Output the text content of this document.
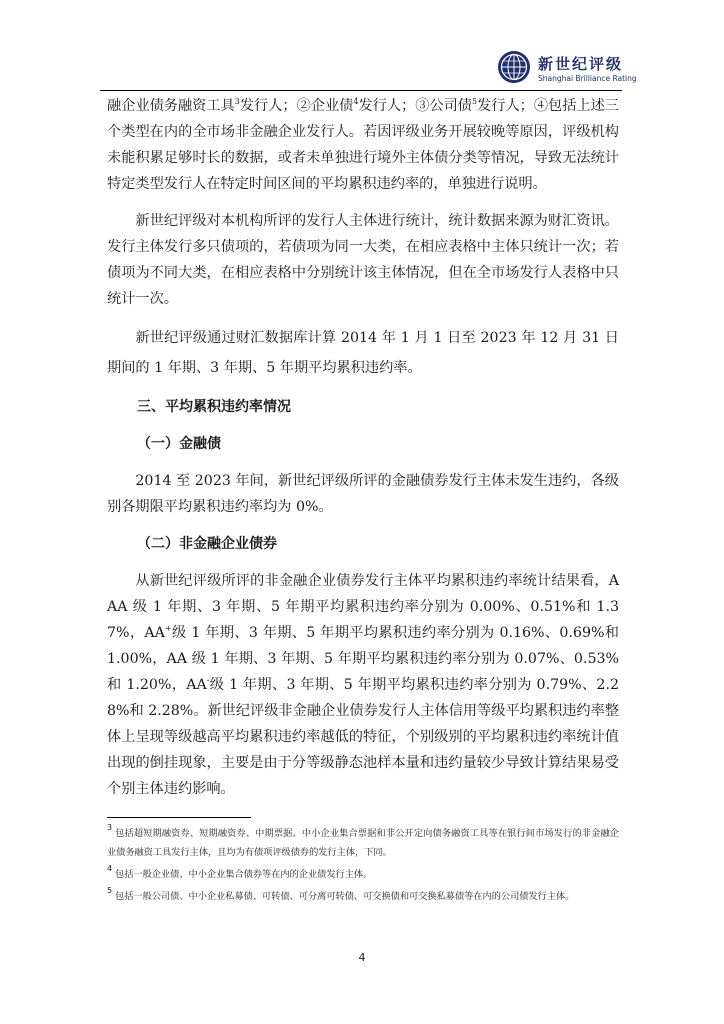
新世纪评级
Shanghai Brilliance Rating

融企业债务融资工具$^3$发行人；②企业债$^4$发行人；③公司债$^5$发行人；④包括上述三个类型在内的全市场非金融企业发行人。若因评级业务开展较晚等原因，评级机构未能积累足够时长的数据，或者未单独进行境外主体债分类等情况，导致无法统计特定类型发行人在特定时间区间的平均累积违约率的，单独进行说明。

新世纪评级对本机构所评的发行人主体进行统计，统计数据来源为财汇资讯。发行主体发行多只债项的，若债项为同一大类，在相应表格中主体只统计一次；若债项为不同大类，在相应表格中分别统计该主体情况，但在全市场发行人表格中只统计一次。

新世纪评级通过财汇数据库计算 2014 年 1 月 1 日至 2023 年 12 月 31 日期间的 1 年期、3 年期、5 年期平均累积违约率。

三、平均累积违约率情况
（一）金融债

2014 至 2023 年间，新世纪评级所评的金融债券发行主体未发生违约，各级别各期限平均累积违约率均为 0%。

（二）非金融企业债券

从新世纪评级所评的非金融企业债券发行主体平均累积违约率统计结果看，AAA 级 1 年期、3 年期、5 年期平均累积违约率分别为 0.00%、0.51%和 1.37%，AA+级 1 年期、3 年期、5 年期平均累积违约率分别为 0.16%、0.69%和 1.00%，AA 级 1 年期、3 年期、5 年期平均累积违约率分别为 0.07%、0.53%和 1.20%，AA-级 1 年期、3 年期、5 年期平均累积违约率分别为 0.79%、2.28%和 2.28%。新世纪评级非金融企业债券发行人主体信用等级平均累积违约率整体上呈现等级越高平均累积违约率越低的特征，个别级别的平均累积违约率统计值出现的倒挂现象，主要是由于分等级静态池样本量和违约量较少导致计算结果易受个别主体违约影响。

$^3$ 包括超短期融资券、短期融资券、中期票据、中小企业集合票据和非公开定向债务融资工具等在银行间市场发行的非金融企业债务融资工具发行主体，且均为有债项评级债券的发行主体，下同。

$^4$ 包括一般企业债、中小企业集合债券等在内的企业债发行主体。

$^5$ 包括一般公司债、中小企业私募债、可转债、可分离可转债、可交换债和可交换私募债等在内的公司债发行主体。

4
